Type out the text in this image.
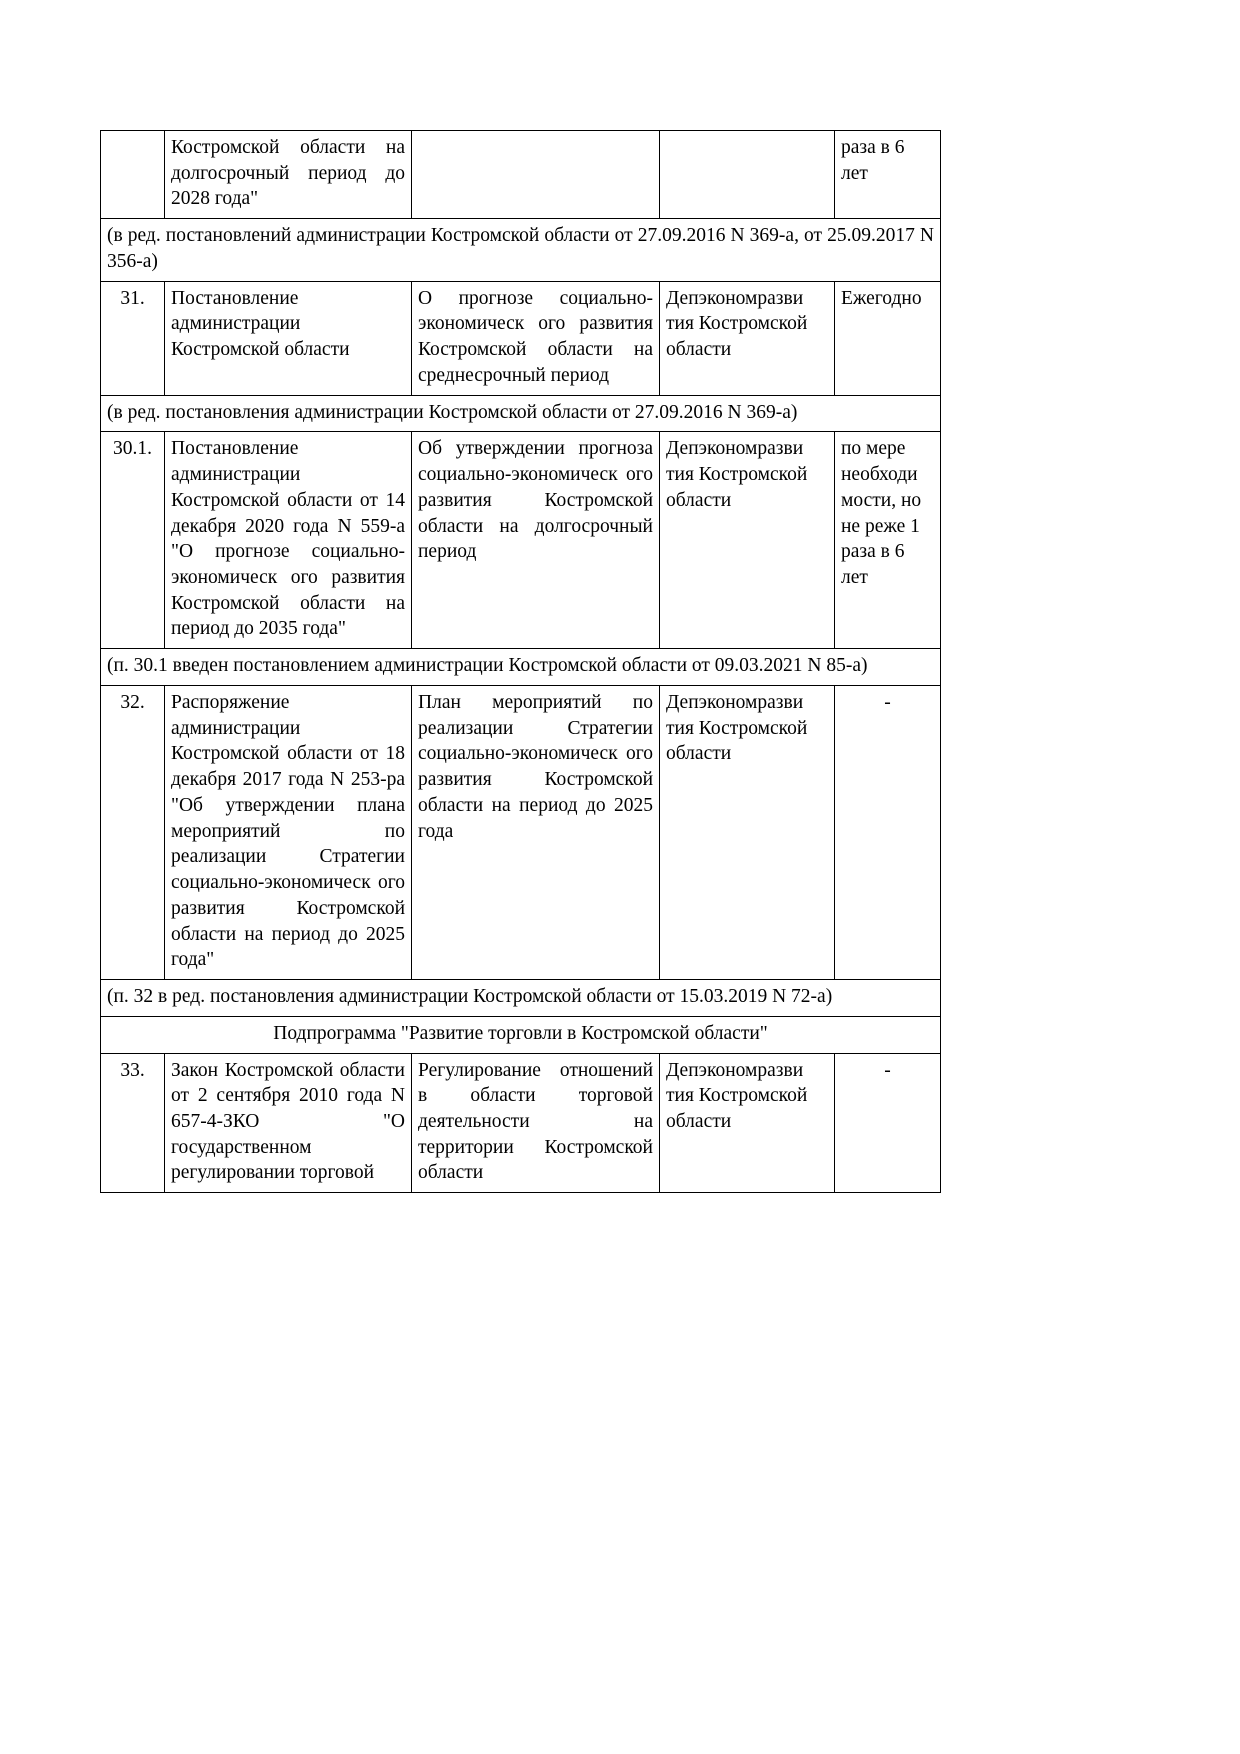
	Костромской области на долгосрочный период до 2028 года"			раза в 6 лет
(в ред. постановлений администрации Костромской области от 27.09.2016 N 369-а, от 25.09.2017 N 356-а)				
31.	Постановление администрации Костромской области	О прогнозе социально-экономическ ого развития Костромской области на среднесрочный период	Депэкономразви тия Костромской области	Ежегодно
(в ред. постановления администрации Костромской области от 27.09.2016 N 369-а)				
30.1.	Постановление администрации Костромской области от 14 декабря 2020 года N 559-а "О прогнозе социально-экономическ ого развития Костромской области на период до 2035 года"	Об утверждении прогноза социально-экономическ ого развития Костромской области на долгосрочный период	Депэкономразви тия Костромской области	по мере необходи мости, но не реже 1 раза в 6 лет
(п. 30.1 введен постановлением администрации Костромской области от 09.03.2021 N 85-а)				
32.	Распоряжение администрации Костромской области от 18 декабря 2017 года N 253-ра "Об утверждении плана мероприятий по реализации Стратегии социально-экономическ ого развития Костромской области на период до 2025 года"	План мероприятий по реализации Стратегии социально-экономическ ого развития Костромской области на период до 2025 года	Депэкономразви тия Костромской области	-
(п. 32 в ред. постановления администрации Костромской области от 15.03.2019 N 72-а)				
Подпрограмма "Развитие торговли в Костромской области"				
33.	Закон Костромской области от 2 сентября 2010 года N 657-4-ЗКО "О государственном регулировании торговой	Регулирование отношений в области торговой деятельности на территории Костромской области	Депэкономразви тия Костромской области	-
